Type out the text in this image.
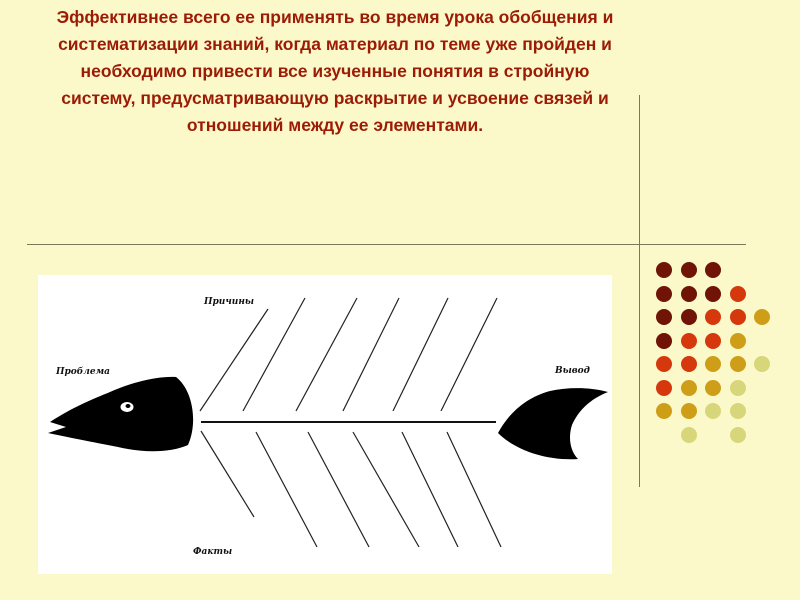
Эффективнее всего ее применять во время урока обобщения и систематизации знаний, когда материал по теме уже пройден и необходимо привести все изученные понятия в стройную систему, предусматривающую раскрытие и усвоение связей и отношений между ее элементами.

Проблема
Причины
Факты
Вывод
